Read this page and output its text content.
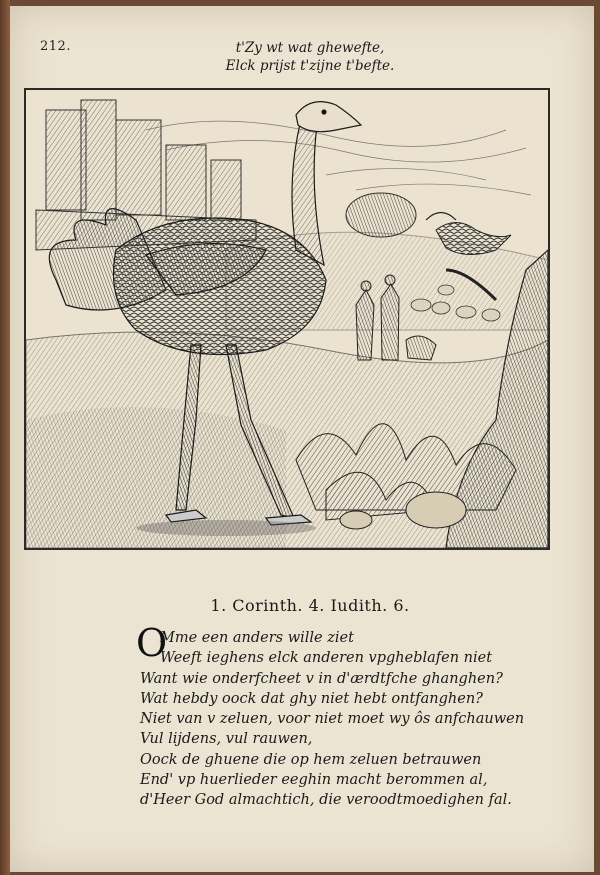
212.	t'Zy wt wat ghewefte,
Elck prijst t'zijne t'befte.
1. Corinth. 4. Iudith. 6.
O
Mme een anders wille ziet
Weeft ieghens elck anderen vpgheblafen niet
Want wie onderfcheet v in d'ærdtfche ghanghen?
Wat hebdy oock dat ghy niet hebt ontfanghen?
Niet van v zeluen, voor niet moet wy ôs anfchauwen
Vul lijdens, vul rauwen,
Oock de ghuene die op hem zeluen betrauwen
End' vp huerlieder eeghin macht berommen al,
d'Heer God almachtich, die veroodtmoedighen fal.
